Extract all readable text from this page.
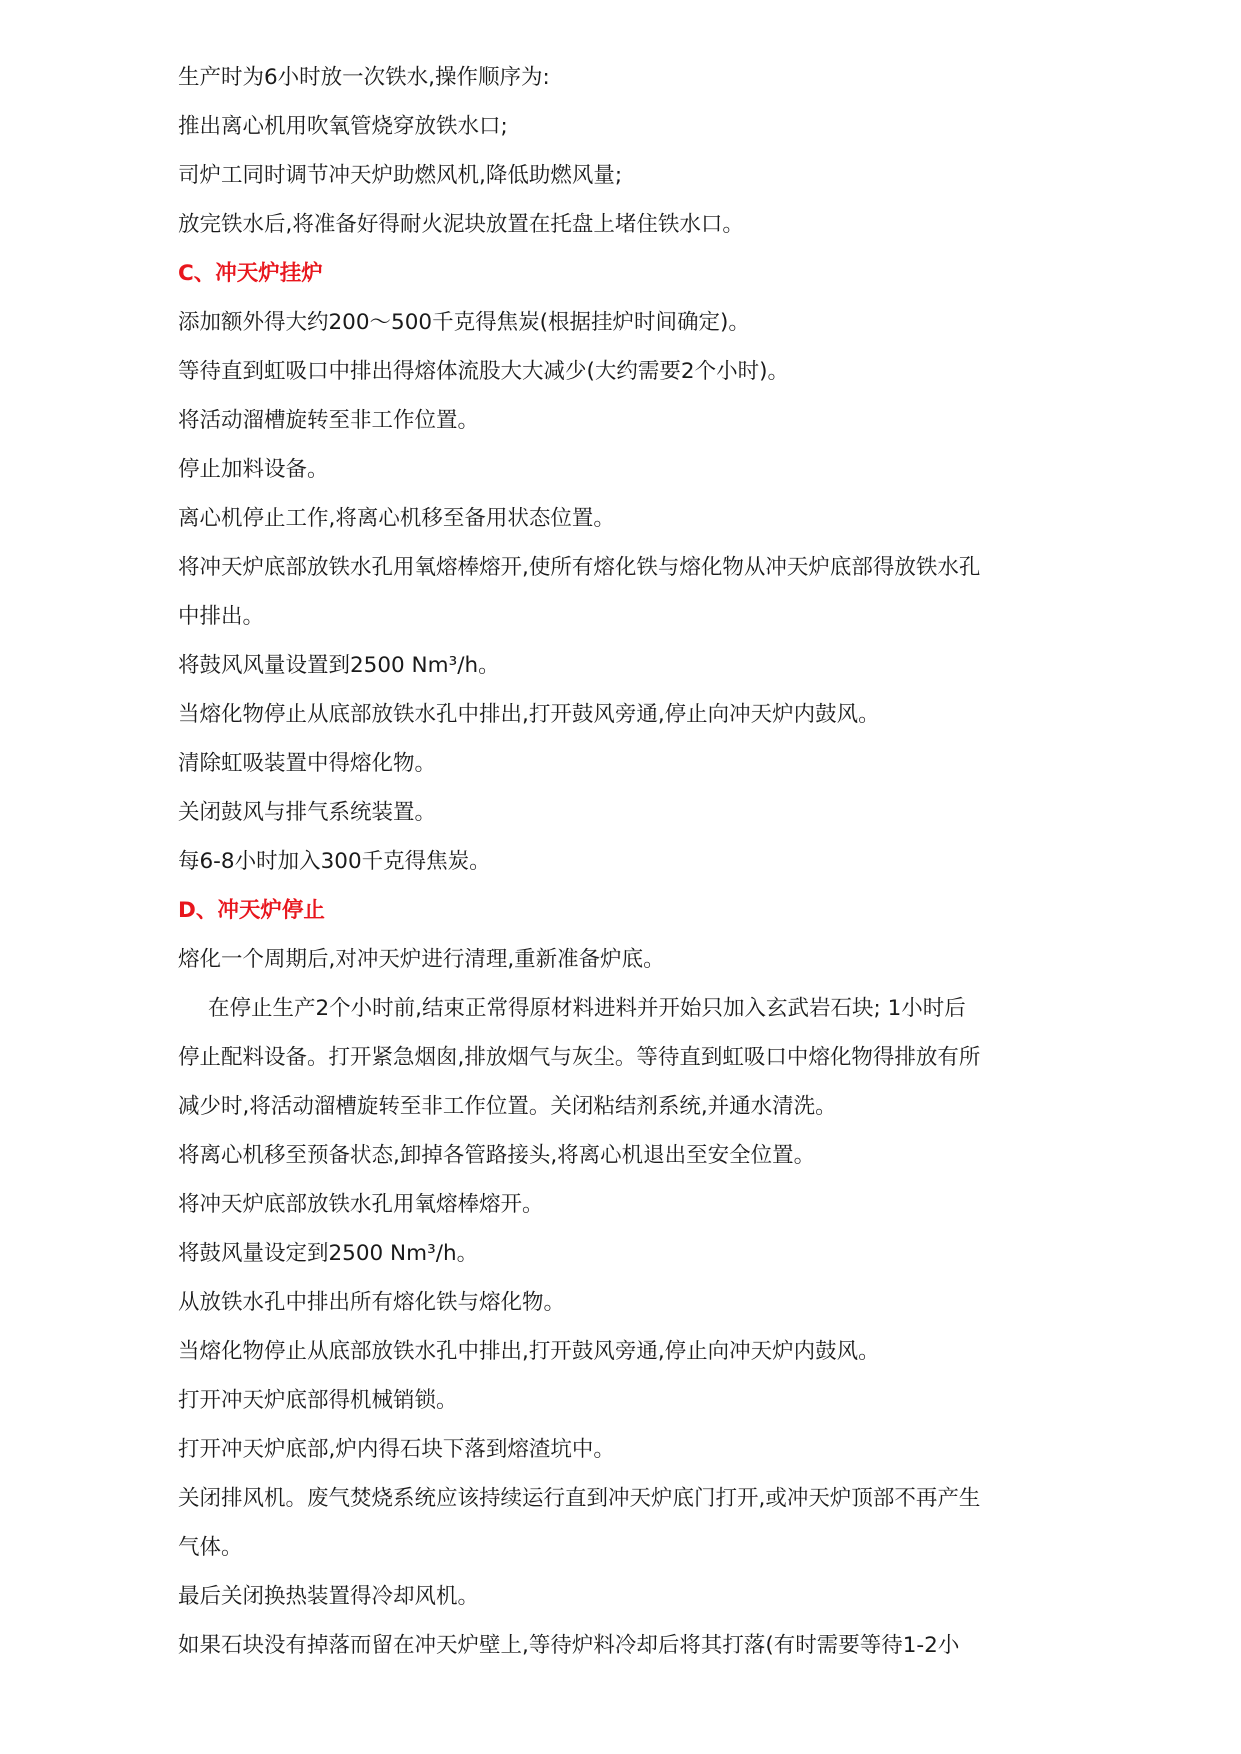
生产时为6小时放一次铁水,操作顺序为:

推出离心机用吹氧管烧穿放铁水口;

司炉工同时调节冲天炉助燃风机,降低助燃风量;

放完铁水后,将准备好得耐火泥块放置在托盘上堵住铁水口。

C、冲天炉挂炉

添加额外得大约200～500千克得焦炭(根据挂炉时间确定)。

等待直到虹吸口中排出得熔体流股大大减少(大约需要2个小时)。

将活动溜槽旋转至非工作位置。

停止加料设备。

离心机停止工作,将离心机移至备用状态位置。

将冲天炉底部放铁水孔用氧熔棒熔开,使所有熔化铁与熔化物从冲天炉底部得放铁水孔

中排出。

将鼓风风量设置到2500 Nm³/h。

当熔化物停止从底部放铁水孔中排出,打开鼓风旁通,停止向冲天炉内鼓风。

清除虹吸装置中得熔化物。

关闭鼓风与排气系统装置。

每6-8小时加入300千克得焦炭。

D、冲天炉停止

熔化一个周期后,对冲天炉进行清理,重新准备炉底。

在停止生产2个小时前,结束正常得原材料进料并开始只加入玄武岩石块; 1小时后

停止配料设备。打开紧急烟囱,排放烟气与灰尘。等待直到虹吸口中熔化物得排放有所

减少时,将活动溜槽旋转至非工作位置。关闭粘结剂系统,并通水清洗。

将离心机移至预备状态,卸掉各管路接头,将离心机退出至安全位置。

将冲天炉底部放铁水孔用氧熔棒熔开。

将鼓风量设定到2500 Nm³/h。

从放铁水孔中排出所有熔化铁与熔化物。

当熔化物停止从底部放铁水孔中排出,打开鼓风旁通,停止向冲天炉内鼓风。

打开冲天炉底部得机械销锁。

打开冲天炉底部,炉内得石块下落到熔渣坑中。

关闭排风机。废气焚烧系统应该持续运行直到冲天炉底门打开,或冲天炉顶部不再产生

气体。

最后关闭换热装置得冷却风机。

如果石块没有掉落而留在冲天炉壁上,等待炉料冷却后将其打落(有时需要等待1-2小
